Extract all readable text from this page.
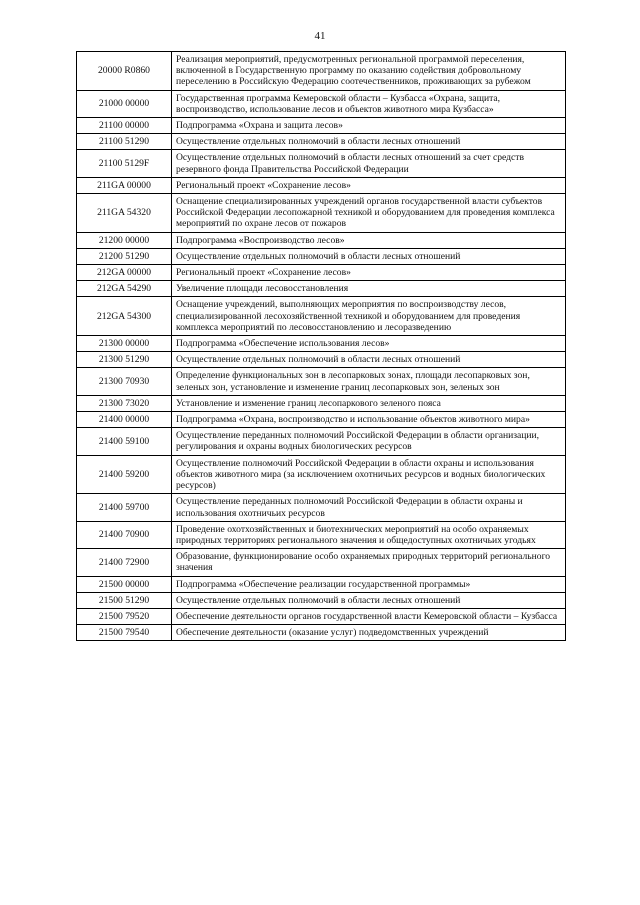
41
20000 R0860	Реализация мероприятий, предусмотренных региональной программой переселения, включенной в Государственную программу по оказанию содействия добровольному переселению в Российскую Федерацию соотечественников, проживающих за рубежом
21000 00000	Государственная программа Кемеровской области – Кузбасса «Охрана, защита, воспроизводство, использование лесов и объектов животного мира Кузбасса»
21100 00000	Подпрограмма «Охрана и защита лесов»
21100 51290	Осуществление отдельных полномочий в области лесных отношений
21100 5129F	Осуществление отдельных полномочий в области лесных отношений за счет средств резервного фонда Правительства Российской Федерации
211GA 00000	Региональный проект «Сохранение лесов»
211GA 54320	Оснащение специализированных учреждений органов государственной власти субъектов Российской Федерации лесопожарной техникой и оборудованием для проведения комплекса мероприятий по охране лесов от пожаров
21200 00000	Подпрограмма «Воспроизводство лесов»
21200 51290	Осуществление отдельных полномочий в области лесных отношений
212GA 00000	Региональный проект «Сохранение лесов»
212GA 54290	Увеличение площади лесовосстановления
212GA 54300	Оснащение учреждений, выполняющих мероприятия по воспроизводству лесов, специализированной лесохозяйственной техникой и оборудованием для проведения комплекса мероприятий по лесовосстановлению и лесоразведению
21300 00000	Подпрограмма «Обеспечение использования лесов»
21300 51290	Осуществление отдельных полномочий в области лесных отношений
21300 70930	Определение функциональных зон в лесопарковых зонах, площади лесопарковых зон, зеленых зон, установление и изменение границ лесопарковых зон, зеленых зон
21300 73020	Установление и изменение границ лесопаркового зеленого пояса
21400 00000	Подпрограмма «Охрана, воспроизводство и использование объектов животного мира»
21400 59100	Осуществление переданных полномочий Российской Федерации в области организации, регулирования и охраны водных биологических ресурсов
21400 59200	Осуществление полномочий Российской Федерации в области охраны и использования объектов животного мира (за исключением охотничьих ресурсов и водных биологических ресурсов)
21400 59700	Осуществление переданных полномочий Российской Федерации в области охраны и использования охотничьих ресурсов
21400 70900	Проведение охотхозяйственных и биотехнических мероприятий на особо охраняемых природных территориях регионального значения и общедоступных охотничьих угодьях
21400 72900	Образование, функционирование особо охраняемых природных территорий регионального значения
21500 00000	Подпрограмма «Обеспечение реализации государственной программы»
21500 51290	Осуществление отдельных полномочий в области лесных отношений
21500 79520	Обеспечение деятельности органов государственной власти Кемеровской области – Кузбасса
21500 79540	Обеспечение деятельности (оказание услуг) подведомственных учреждений
